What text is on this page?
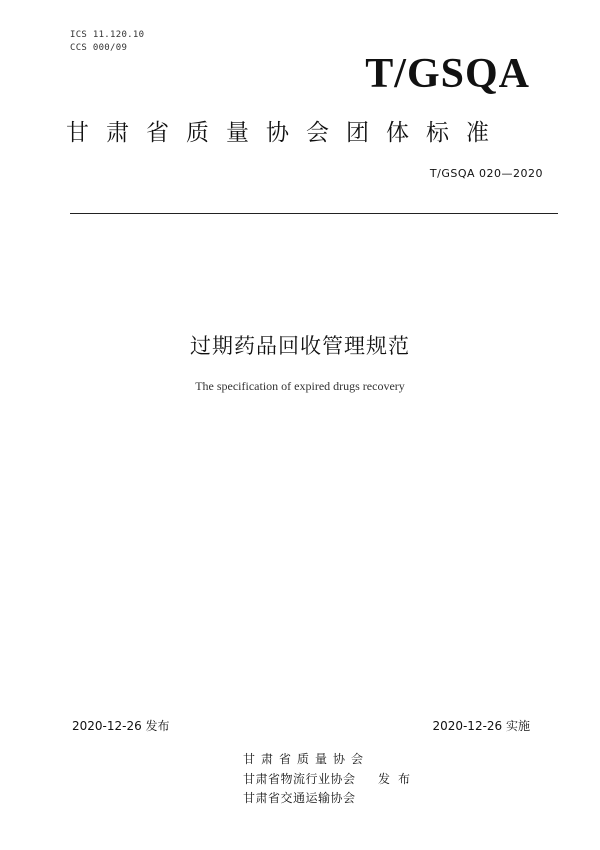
ICS 11.120.10
CCS 000/09
T/GSQA
甘肃省质量协会团体标准
T/GSQA 020—2020
过期药品回收管理规范
The specification of expired drugs recovery
2020-12-26 发布	2020-12-26 实施
甘肃省质量协会
甘肃省物流行业协会
甘肃省交通运输协会
发布
